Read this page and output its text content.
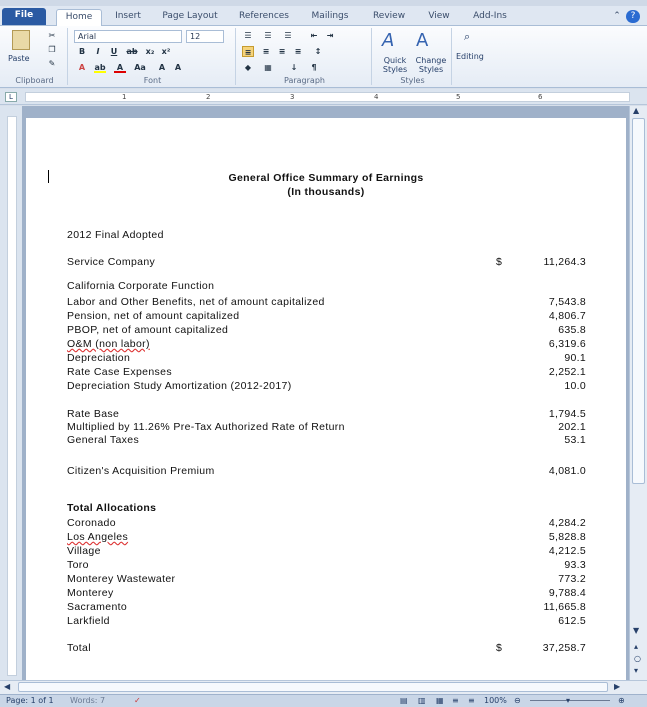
File	Home	Insert	Page Layout	References	Mailings	Review	View	Add-Ins	⌃	?
Paste
✂
❐
✎
Clipboard
Arial	12
B	I	U	ab x₂ x²
A	ab	A	Aa	A	A
Font
☰	☰	☰	⇤	⇥
≡	≡	≡	≡	↕
◆	▦	↓	¶
Paragraph
A A
Quick Styles
Change Styles
Styles
⌕
Editing
L	1	2	3	4	5	6
General Office Summary of Earnings
(In thousands)
2012 Final Adopted
Service Company	$	11,264.3
California Corporate Function
Labor and Other Benefits, net of amount capitalized	7,543.8
Pension, net of amount capitalized	4,806.7
PBOP, net of amount capitalized	635.8
O&M (non labor)	6,319.6
Depreciation	90.1
Rate Case Expenses	2,252.1
Depreciation Study Amortization (2012-2017)	10.0
Rate Base	1,794.5
Multiplied by 11.26% Pre-Tax Authorized Rate of Return	202.1
General Taxes	53.1
Citizen's Acquisition Premium	4,081.0
Total Allocations
Coronado	4,284.2
Los Angeles	5,828.8
Village	4,212.5
Toro	93.3
Monterey Wastewater	773.2
Monterey	9,788.4
Sacramento	11,665.8
Larkfield	612.5
Total	$	37,258.7
▲
▼
▴
○
▾
◀	▶
Page: 1 of 1 Words: 7	✓	▤ ▥ ▦ ≡ ≡ 100% ⊖	▾	⊕
